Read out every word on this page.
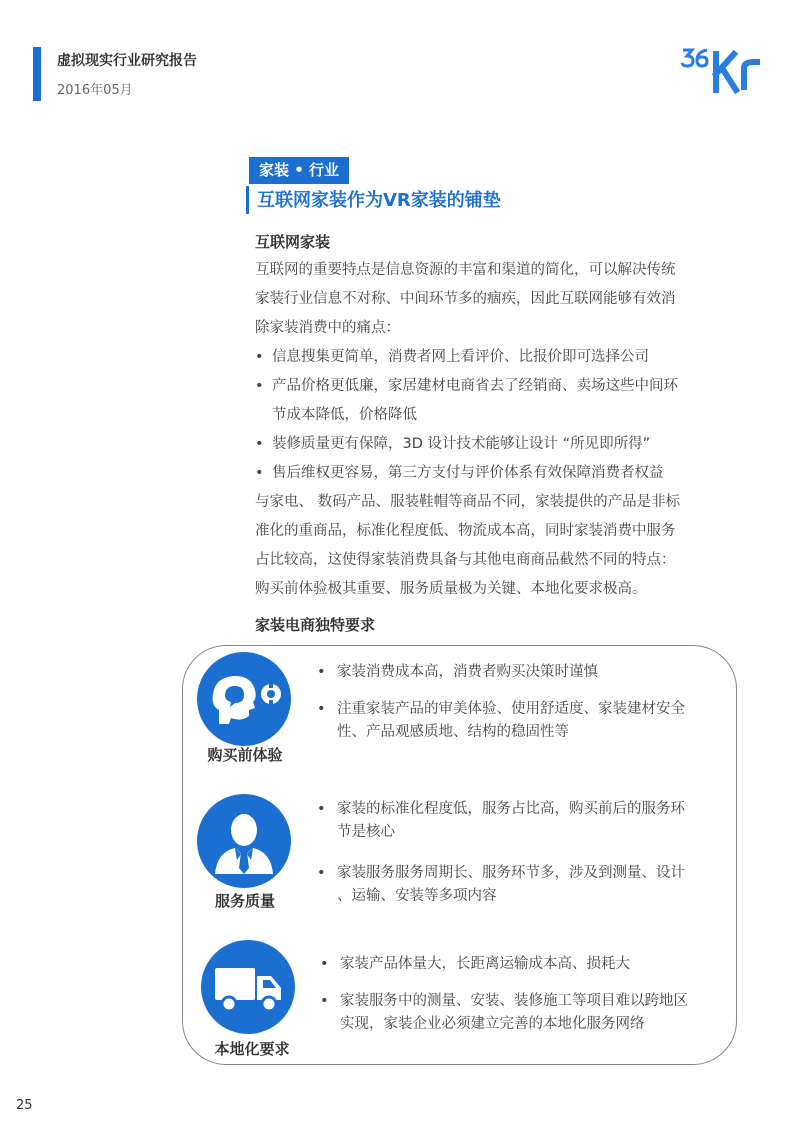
虚拟现实行业研究报告
2016年05月
家装 • 行业
互联网家装作为VR家装的铺垫
互联网家装

互联网的重要特点是信息资源的丰富和渠道的简化，可以解决传统

家装行业信息不对称、中间环节多的痼疾，因此互联网能够有效消

除家装消费中的痛点：

• 信息搜集更简单，消费者网上看评价、比报价即可选择公司
• 产品价格更低廉，家居建材电商省去了经销商、卖场这些中间环
节成本降低，价格降低
• 装修质量更有保障，3D 设计技术能够让设计 “所见即所得”
• 售后维权更容易，第三方支付与评价体系有效保障消费者权益

与家电、 数码产品、服装鞋帽等商品不同，家装提供的产品是非标

准化的重商品，标准化程度低、物流成本高，同时家装消费中服务

占比较高，这使得家装消费具备与其他电商商品截然不同的特点：

购买前体验极其重要、服务质量极为关键、本地化要求极高。

家装电商独特要求
购买前体验
• 家装消费成本高，消费者购买决策时谨慎
• 注重家装产品的审美体验、使用舒适度、家装建材安全
性、产品观感质地、结构的稳固性等
服务质量
• 家装的标准化程度低，服务占比高，购买前后的服务环
节是核心
• 家装服务服务周期长、服务环节多，涉及到测量、设计
、运输、安装等多项内容
本地化要求
• 家装产品体量大，长距离运输成本高、损耗大
• 家装服务中的测量、安装、装修施工等项目难以跨地区
实现，家装企业必须建立完善的本地化服务网络
25
